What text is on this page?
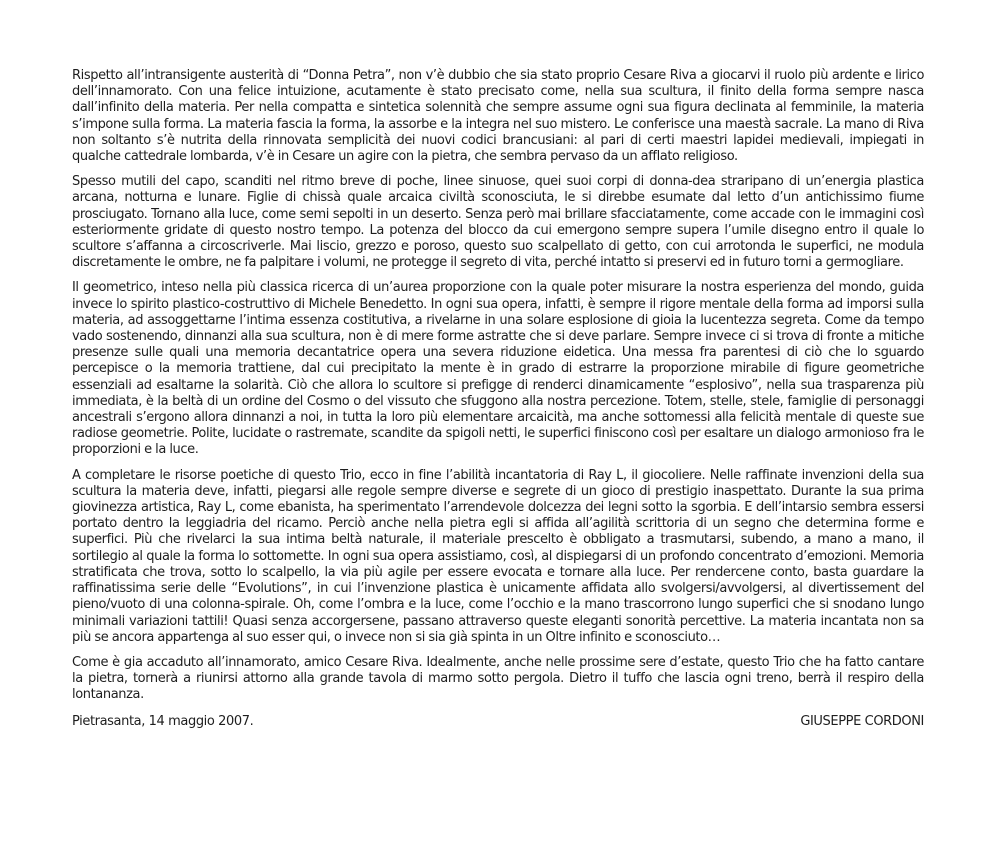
Rispetto all’intransigente austerità di “Donna Petra”, non v’è dubbio che sia stato proprio Cesare Riva a giocarvi il ruolo più ardente e lirico dell’innamorato. Con una felice intuizione, acutamente è stato precisato come, nella sua scultura, il finito della forma sempre nasca dall’infinito della materia. Per nella compatta e sintetica solennità che sempre assume ogni sua figura declinata al femminile, la materia s’impone sulla forma. La materia fascia la forma, la assorbe e la integra nel suo mistero. Le conferisce una maestà sacrale. La mano di Riva non soltanto s’è nutrita della rinnovata semplicità dei nuovi codici brancusiani: al pari di certi maestri lapidei medievali, impiegati in qualche cattedrale lombarda, v’è in Cesare un agire con la pietra, che sembra pervaso da un afflato religioso.

Spesso mutili del capo, scanditi nel ritmo breve di poche, linee sinuose, quei suoi corpi di donna-dea straripano di un’energia plastica arcana, notturna e lunare. Figlie di chissà quale arcaica civiltà sconosciuta, le si direbbe esumate dal letto d’un antichissimo fiume prosciugato. Tornano alla luce, come semi sepolti in un deserto. Senza però mai brillare sfacciatamente, come accade con le immagini così esteriormente gridate di questo nostro tempo. La potenza del blocco da cui emergono sempre supera l’umile disegno entro il quale lo scultore s’affanna a circoscriverle. Mai liscio, grezzo e poroso, questo suo scalpellato di getto, con cui arrotonda le superfici, ne modula discretamente le ombre, ne fa palpitare i volumi, ne protegge il segreto di vita, perché intatto si preservi ed in futuro torni a germogliare.

Il geometrico, inteso nella più classica ricerca di un’aurea proporzione con la quale poter misurare la nostra esperienza del mondo, guida invece lo spirito plastico-costruttivo di Michele Benedetto. In ogni sua opera, infatti, è sempre il rigore mentale della forma ad imporsi sulla materia, ad assoggettarne l’intima essenza costitutiva, a rivelarne in una solare esplosione di gioia la lucentezza segreta. Come da tempo vado sostenendo, dinnanzi alla sua scultura, non è di mere forme astratte che si deve parlare. Sempre invece ci si trova di fronte a mitiche presenze sulle quali una memoria decantatrice opera una severa riduzione eidetica. Una messa fra parentesi di ciò che lo sguardo percepisce o la memoria trattiene, dal cui precipitato la mente è in grado di estrarre la proporzione mirabile di figure geometriche essenziali ad esaltarne la solarità. Ciò che allora lo scultore si prefigge di renderci dinamicamente “esplosivo”, nella sua trasparenza più immediata, è la beltà di un ordine del Cosmo o del vissuto che sfuggono alla nostra percezione. Totem, stelle, stele, famiglie di personaggi ancestrali s’ergono allora dinnanzi a noi, in tutta la loro più elementare arcaicità, ma anche sottomessi alla felicità mentale di queste sue radiose geometrie. Polite, lucidate o rastremate, scandite da spigoli netti, le superfici finiscono così per esaltare un dialogo armonioso fra le proporzioni e la luce.

A completare le risorse poetiche di questo Trio, ecco in fine l’abilità incantatoria di Ray L, il giocoliere. Nelle raffinate invenzioni della sua scultura la materia deve, infatti, piegarsi alle regole sempre diverse e segrete di un gioco di prestigio inaspettato. Durante la sua prima giovinezza artistica, Ray L, come ebanista, ha sperimentato l’arrendevole dolcezza dei legni sotto la sgorbia. E dell’intarsio sembra essersi portato dentro la leggiadria del ricamo. Perciò anche nella pietra egli si affida all’agilità scrittoria di un segno che determina forme e superfici. Più che rivelarci la sua intima beltà naturale, il materiale prescelto è obbligato a trasmutarsi, subendo, a mano a mano, il sortilegio al quale la forma lo sottomette. In ogni sua opera assistiamo, così, al dispiegarsi di un profondo concentrato d’emozioni. Memoria stratificata che trova, sotto lo scalpello, la via più agile per essere evocata e tornare alla luce. Per rendercene conto, basta guardare la raffinatissima serie delle “Evolutions”, in cui l’invenzione plastica è unicamente affidata allo svolgersi/avvolgersi, al divertissement del pieno/vuoto di una colonna-spirale. Oh, come l’ombra e la luce, come l’occhio e la mano trascorrono lungo superfici che si snodano lungo minimali variazioni tattili! Quasi senza accorgersene, passano attraverso queste eleganti sonorità percettive. La materia incantata non sa più se ancora appartenga al suo esser qui, o invece non si sia già spinta in un Oltre infinito e sconosciuto…

Come è gia accaduto all’innamorato, amico Cesare Riva. Idealmente, anche nelle prossime sere d’estate, questo Trio che ha fatto cantare la pietra, tornerà a riunirsi attorno alla grande tavola di marmo sotto pergola. Dietro il tuffo che lascia ogni treno, berrà il respiro della lontananza.

Pietrasanta, 14 maggio 2007.	GIUSEPPE CORDONI
